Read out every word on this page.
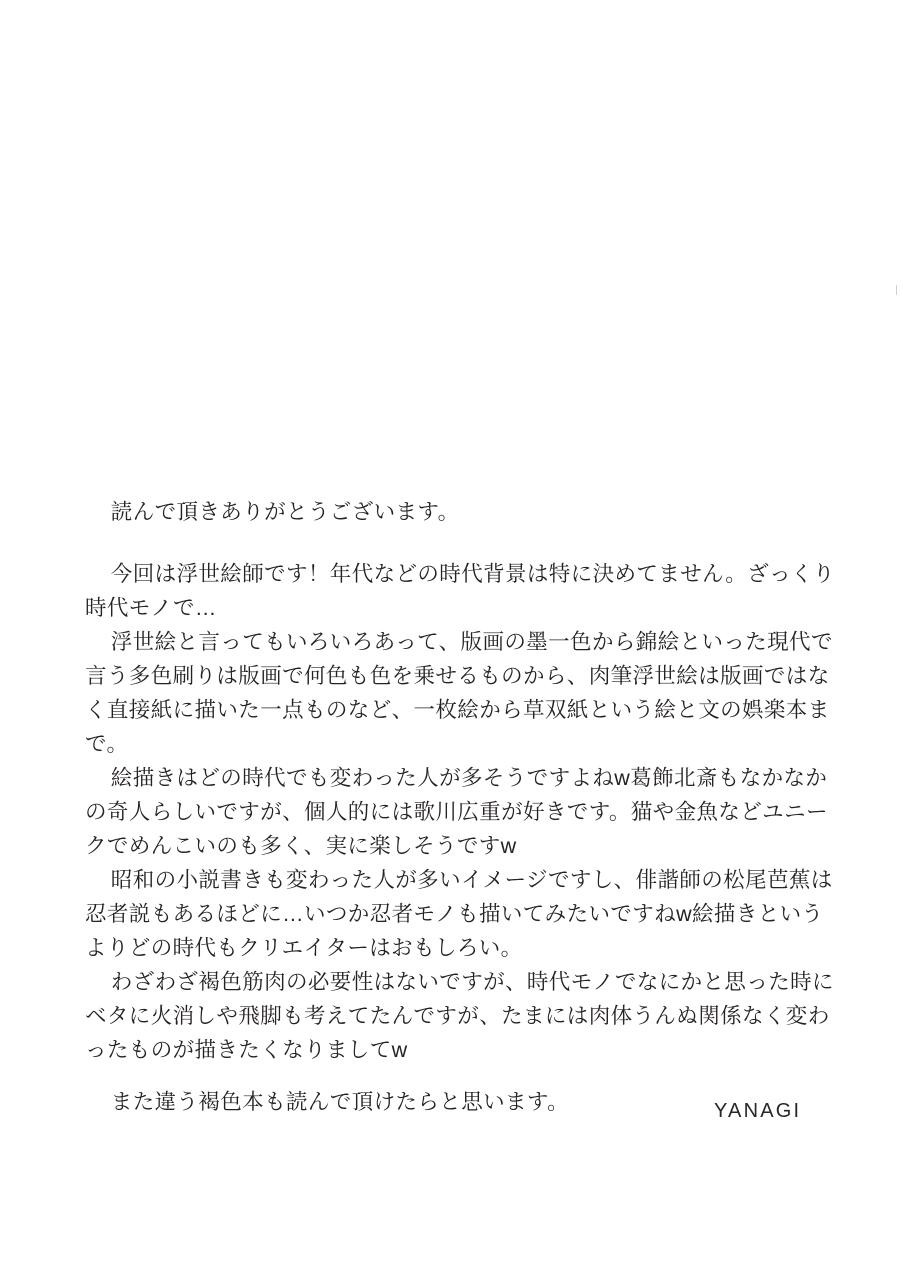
読んで頂きありがとうございます。

今回は浮世絵師です！年代などの時代背景は特に決めてません。ざっくり時代モノで…

浮世絵と言ってもいろいろあって、版画の墨一色から錦絵といった現代で言う多色刷りは版画で何色も色を乗せるものから、肉筆浮世絵は版画ではなく直接紙に描いた一点ものなど、一枚絵から草双紙という絵と文の娯楽本まで。

絵描きはどの時代でも変わった人が多そうですよねw葛飾北斎もなかなかの奇人らしいですが、個人的には歌川広重が好きです。猫や金魚などユニークでめんこいのも多く、実に楽しそうですw

昭和の小説書きも変わった人が多いイメージですし、俳諧師の松尾芭蕉は忍者説もあるほどに…いつか忍者モノも描いてみたいですねw絵描きというよりどの時代もクリエイターはおもしろい。

わざわざ褐色筋肉の必要性はないですが、時代モノでなにかと思った時にベタに火消しや飛脚も考えてたんですが、たまには肉体うんぬ関係なく変わったものが描きたくなりましてw

また違う褐色本も読んで頂けたらと思います。	YANAGI
